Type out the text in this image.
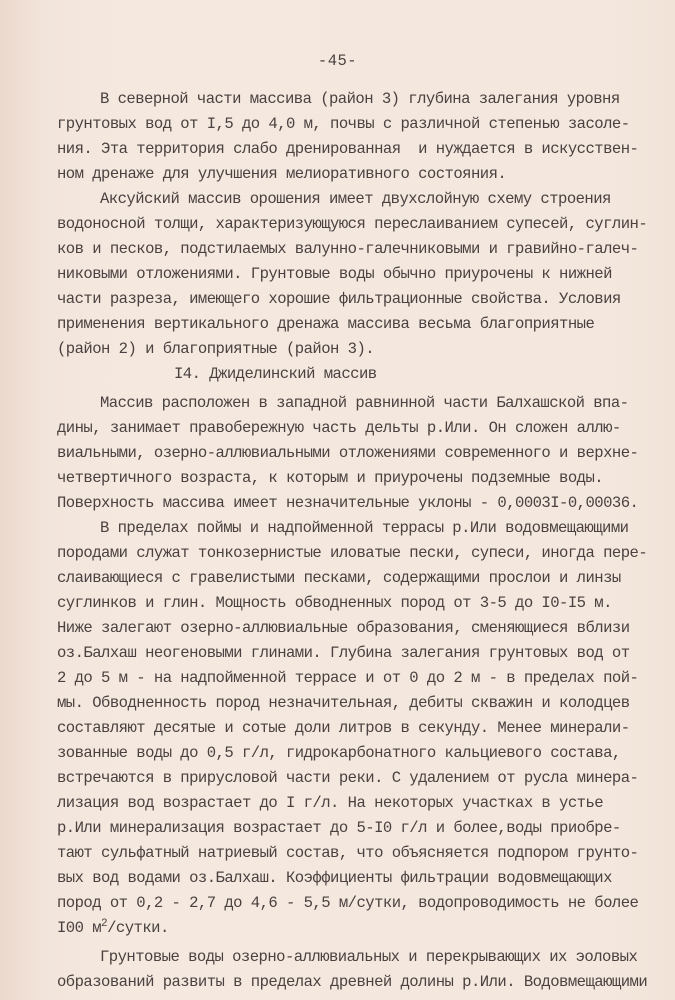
-45-
В северной части массива (район 3) глубина залегания уровня
грунтовых вод от I,5 до 4,0 м, почвы с различной степенью засоле-
ния. Эта территория слабо дренированная  и нуждается в искусствен-
ном дренаже для улучшения мелиоративного состояния.
Аксуйский массив орошения имеет двухслойную схему строения
водоносной толщи, характеризующуюся переслаиванием супесей, суглин-
ков и песков, подстилаемых валунно-галечниковыми и гравийно-галеч-
никовыми отложениями. Грунтовые воды обычно приурочены к нижней
части разреза, имеющего хорошие фильтрационные свойства. Условия
применения вертикального дренажа массива весьма благоприятные
(район 2) и благоприятные (район 3).
I4. Джиделинский массив
Массив расположен в западной равнинной части Балхашской впа-
дины, занимает правобережную часть дельты р.Или. Он сложен аллю-
виальными, озерно-аллювиальными отложениями современного и верхне-
четвертичного возраста, к которым и приурочены подземные воды.
Поверхность массива имеет незначительные уклоны - 0,0003I-0,00036.
В пределах поймы и надпойменной террасы р.Или водовмещающими
породами служат тонкозернистые иловатые пески, супеси, иногда пере-
слаивающиеся с гравелистыми песками, содержащими прослои и линзы
суглинков и глин. Мощность обводненных пород от 3-5 до I0-I5 м.
Ниже залегают озерно-аллювиальные образования, сменяющиеся вблизи
оз.Балхаш неогеновыми глинами. Глубина залегания грунтовых вод от
2 до 5 м - на надпойменной террасе и от 0 до 2 м - в пределах пой-
мы. Обводненность пород незначительная, дебиты скважин и колодцев
составляют десятые и сотые доли литров в секунду. Менее минерали-
зованные воды до 0,5 г/л, гидрокарбонатного кальциевого состава,
встречаются в прирусловой части реки. С удалением от русла минера-
лизация вод возрастает до I г/л. На некоторых участках в устье
р.Или минерализация возрастает до 5-I0 г/л и более,воды приобре-
тают сульфатный натриевый состав, что объясняется подпором грунто-
вых вод водами оз.Балхаш. Коэффициенты фильтрации водовмещающих
пород от 0,2 - 2,7 до 4,6 - 5,5 м/сутки, водопроводимость не более
Грунтовые воды озерно-аллювиальных и перекрывающих их эоловых
образований развиты в пределах древней долины р.Или. Водовмещающими
I00 $м^2$/сутки.
